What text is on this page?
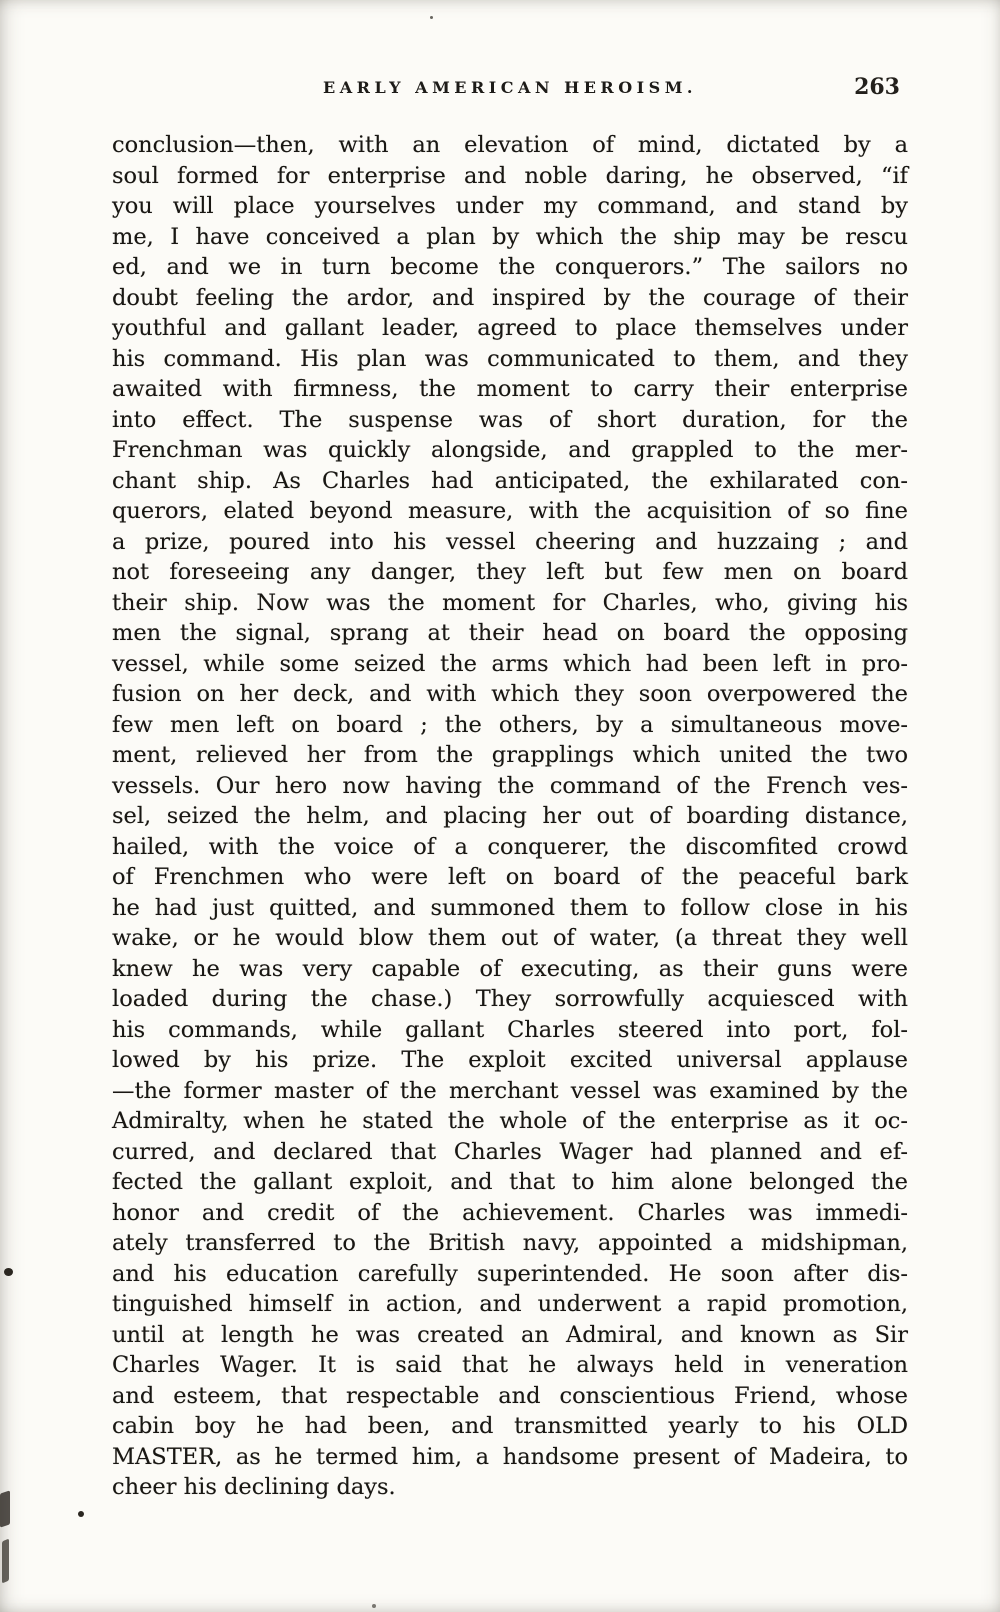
EARLY AMERICAN HEROISM.	263
conclusion—then, with an elevation of mind, dictated by a
soul formed for enterprise and noble daring, he observed, “if
you will place yourselves under my command, and stand by
me, I have conceived a plan by which the ship may be rescu
ed, and we in turn become the conquerors.” The sailors no
doubt feeling the ardor, and inspired by the courage of their
youthful and gallant leader, agreed to place themselves under
his command. His plan was communicated to them, and they
awaited with firmness, the moment to carry their enterprise
into effect. The suspense was of short duration, for the
Frenchman was quickly alongside, and grappled to the mer-
chant ship. As Charles had anticipated, the exhilarated con-
querors, elated beyond measure, with the acquisition of so fine
a prize, poured into his vessel cheering and huzzaing ; and
not foreseeing any danger, they left but few men on board
their ship. Now was the moment for Charles, who, giving his
men the signal, sprang at their head on board the opposing
vessel, while some seized the arms which had been left in pro-
fusion on her deck, and with which they soon overpowered the
few men left on board ; the others, by a simultaneous move-
ment, relieved her from the grapplings which united the two
vessels. Our hero now having the command of the French ves-
sel, seized the helm, and placing her out of boarding distance,
hailed, with the voice of a conquerer, the discomfited crowd
of Frenchmen who were left on board of the peaceful bark
he had just quitted, and summoned them to follow close in his
wake, or he would blow them out of water, (a threat they well
knew he was very capable of executing, as their guns were
loaded during the chase.) They sorrowfully acquiesced with
his commands, while gallant Charles steered into port, fol-
lowed by his prize. The exploit excited universal applause
—the former master of the merchant vessel was examined by the
Admiralty, when he stated the whole of the enterprise as it oc-
curred, and declared that Charles Wager had planned and ef-
fected the gallant exploit, and that to him alone belonged the
honor and credit of the achievement. Charles was immedi-
ately transferred to the British navy, appointed a midshipman,
and his education carefully superintended. He soon after dis-
tinguished himself in action, and underwent a rapid promotion,
until at length he was created an Admiral, and known as Sir
Charles Wager. It is said that he always held in veneration
and esteem, that respectable and conscientious Friend, whose
cabin boy he had been, and transmitted yearly to his OLD
MASTER, as he termed him, a handsome present of Madeira, to
cheer his declining days.
